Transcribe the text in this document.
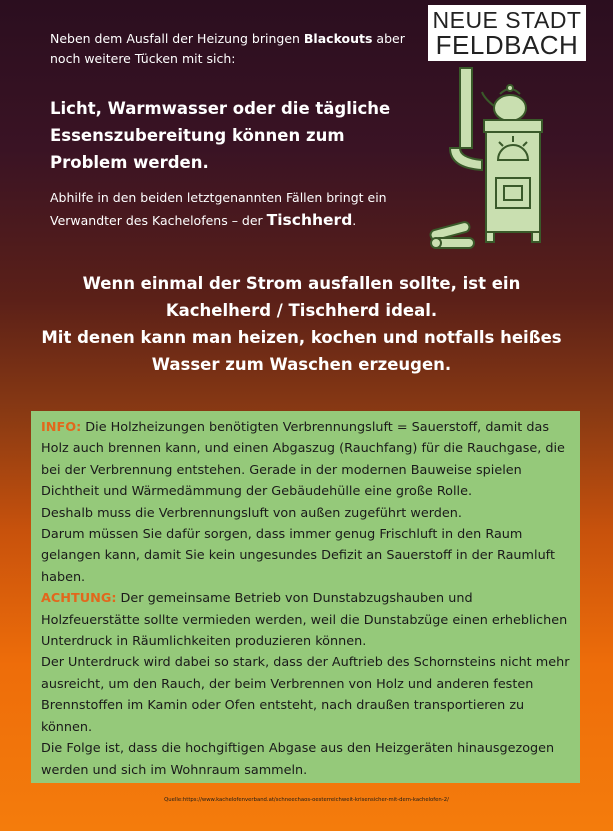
NEUE STADT
FELDBACH
Neben dem Ausfall der Heizung bringen Blackouts aber noch weitere Tücken mit sich:
Licht, Warmwasser oder die tägliche Essenszubereitung können zum Problem werden.
Abhilfe in den beiden letztgenannten Fällen bringt ein Verwandter des Kachelofens – der Tischherd.
Wenn einmal der Strom ausfallen sollte, ist ein
Kachelherd / Tischherd ideal.
Mit denen kann man heizen, kochen und notfalls heißes
Wasser zum Waschen erzeugen.

INFO: Die Holzheizungen benötigten Verbrennungsluft = Sauerstoff, damit das Holz auch brennen kann, und einen Abgaszug (Rauchfang) für die Rauchgase, die bei der Verbrennung entstehen. Gerade in der modernen Bauweise spielen Dichtheit und Wärmedämmung der Gebäudehülle eine große Rolle.

Deshalb muss die Verbrennungsluft von außen zugeführt werden.

Darum müssen Sie dafür sorgen, dass immer genug Frischluft in den Raum gelangen kann, damit Sie kein ungesundes Defizit an Sauerstoff in der Raumluft haben.

ACHTUNG: Der gemeinsame Betrieb von Dunstabzugshauben und Holzfeuerstätte sollte vermieden werden, weil die Dunstabzüge einen erheblichen Unterdruck in Räumlichkeiten produzieren können.

Der Unterdruck wird dabei so stark, dass der Auftrieb des Schornsteins nicht mehr ausreicht, um den Rauch, der beim Verbrennen von Holz und anderen festen Brennstoffen im Kamin oder Ofen entsteht, nach draußen transportieren zu können.

Die Folge ist, dass die hochgiftigen Abgase aus den Heizgeräten hinausgezogen werden und sich im Wohnraum sammeln.

Quelle:https://www.kachelofenverband.at/schneechaos-oesterreichweit-krisensicher-mit-dem-kachelofen-2/
